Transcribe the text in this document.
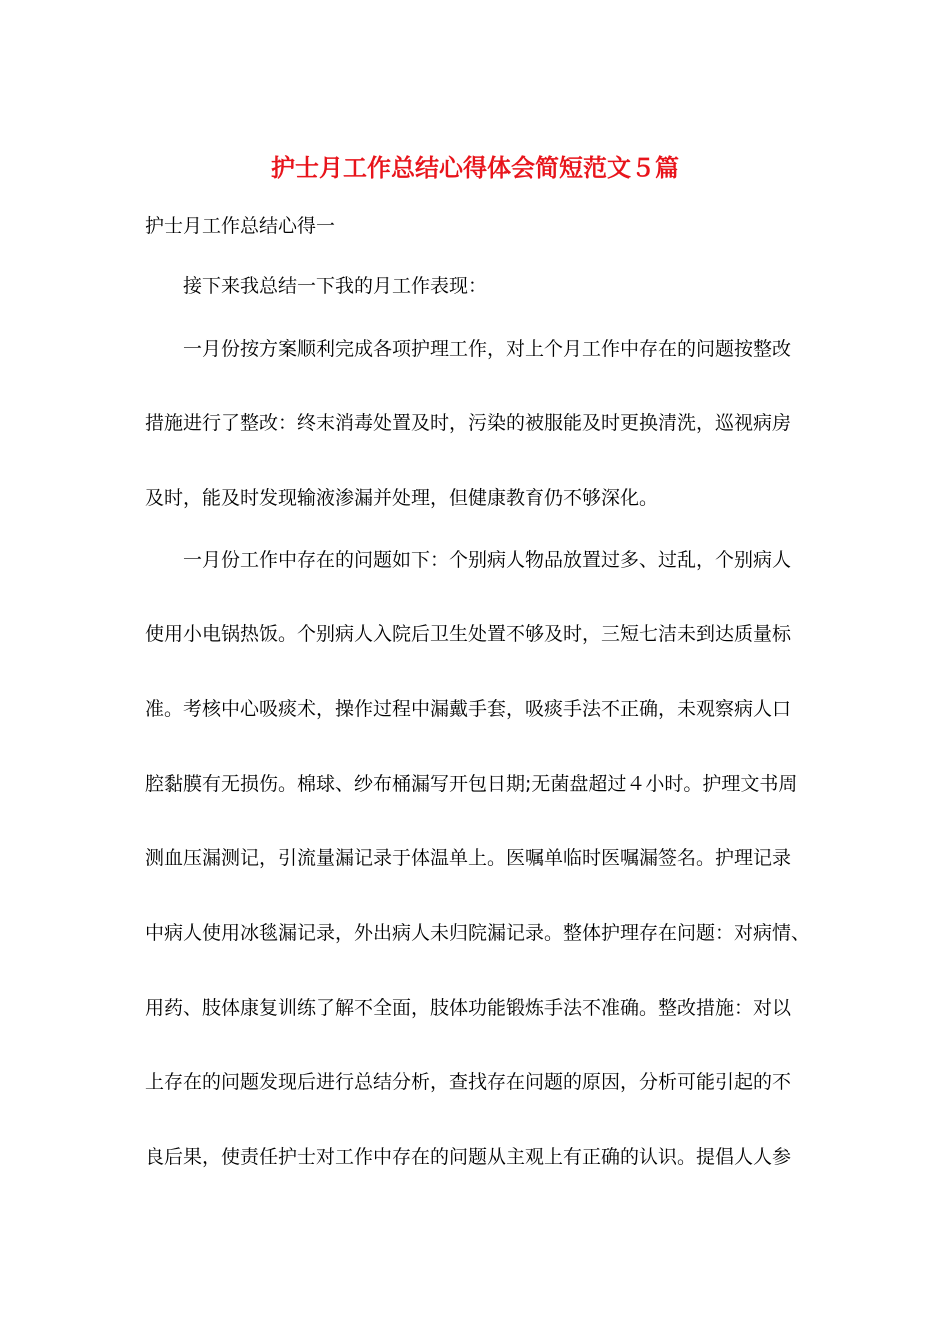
护士月工作总结心得体会简短范文５篇
护士月工作总结心得一
接下来我总结一下我的月工作表现：
一月份按方案顺利完成各项护理工作，对上个月工作中存在的问题按整改
措施进行了整改：终末消毒处置及时，污染的被服能及时更换清洗，巡视病房
及时，能及时发现输液渗漏并处理，但健康教育仍不够深化。
一月份工作中存在的问题如下：个别病人物品放置过多、过乱，个别病人
使用小电锅热饭。个别病人入院后卫生处置不够及时，三短七洁未到达质量标
准。考核中心吸痰术，操作过程中漏戴手套，吸痰手法不正确，未观察病人口
腔黏膜有无损伤。棉球、纱布桶漏写开包日期;无菌盘超过４小时。护理文书周
测血压漏测记，引流量漏记录于体温单上。医嘱单临时医嘱漏签名。护理记录
中病人使用冰毯漏记录，外出病人未归院漏记录。整体护理存在问题：对病情、
用药、肢体康复训练了解不全面，肢体功能锻炼手法不准确。整改措施：对以
上存在的问题发现后进行总结分析，查找存在问题的原因，分析可能引起的不
良后果，使责任护士对工作中存在的问题从主观上有正确的认识。提倡人人参
